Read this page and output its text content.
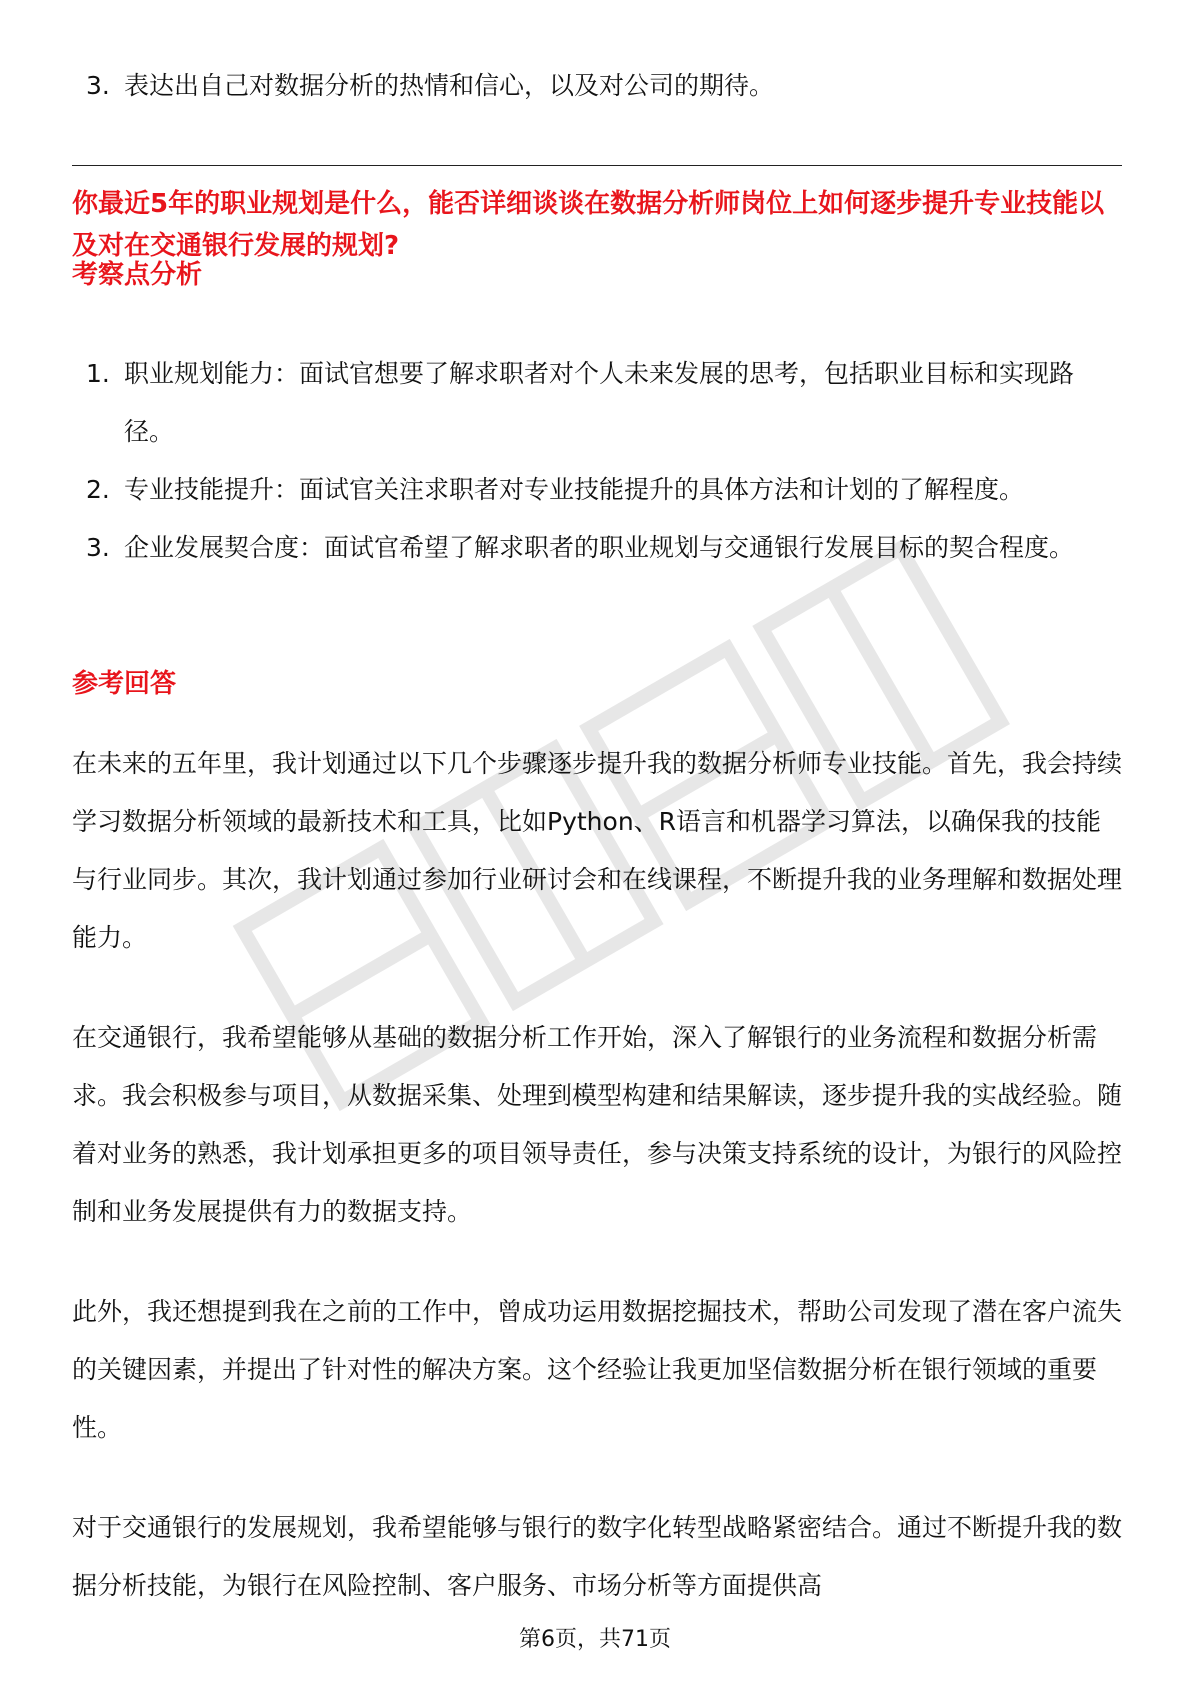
3. 表达出自己对数据分析的热情和信心，以及对公司的期待。
你最近5年的职业规划是什么，能否详细谈谈在数据分析师岗位上如何逐步提升专业技能以及对在交通银行发展的规划?
考察点分析
1. 职业规划能力：面试官想要了解求职者对个人未来发展的思考，包括职业目标和实现路径。
2. 专业技能提升：面试官关注求职者对专业技能提升的具体方法和计划的了解程度。
3. 企业发展契合度：面试官希望了解求职者的职业规划与交通银行发展目标的契合程度。
参考回答

在未来的五年里，我计划通过以下几个步骤逐步提升我的数据分析师专业技能。首先，我会持续学习数据分析领域的最新技术和工具，比如Python、R语言和机器学习算法，以确保我的技能与行业同步。其次，我计划通过参加行业研讨会和在线课程，不断提升我的业务理解和数据处理能力。

在交通银行，我希望能够从基础的数据分析工作开始，深入了解银行的业务流程和数据分析需求。我会积极参与项目，从数据采集、处理到模型构建和结果解读，逐步提升我的实战经验。随着对业务的熟悉，我计划承担更多的项目领导责任，参与决策支持系统的设计，为银行的风险控制和业务发展提供有力的数据支持。

此外，我还想提到我在之前的工作中，曾成功运用数据挖掘技术，帮助公司发现了潜在客户流失的关键因素，并提出了针对性的解决方案。这个经验让我更加坚信数据分析在银行领域的重要性。

对于交通银行的发展规划，我希望能够与银行的数字化转型战略紧密结合。通过不断提升我的数据分析技能，为银行在风险控制、客户服务、市场分析等方面提供高

第6页，共71页
